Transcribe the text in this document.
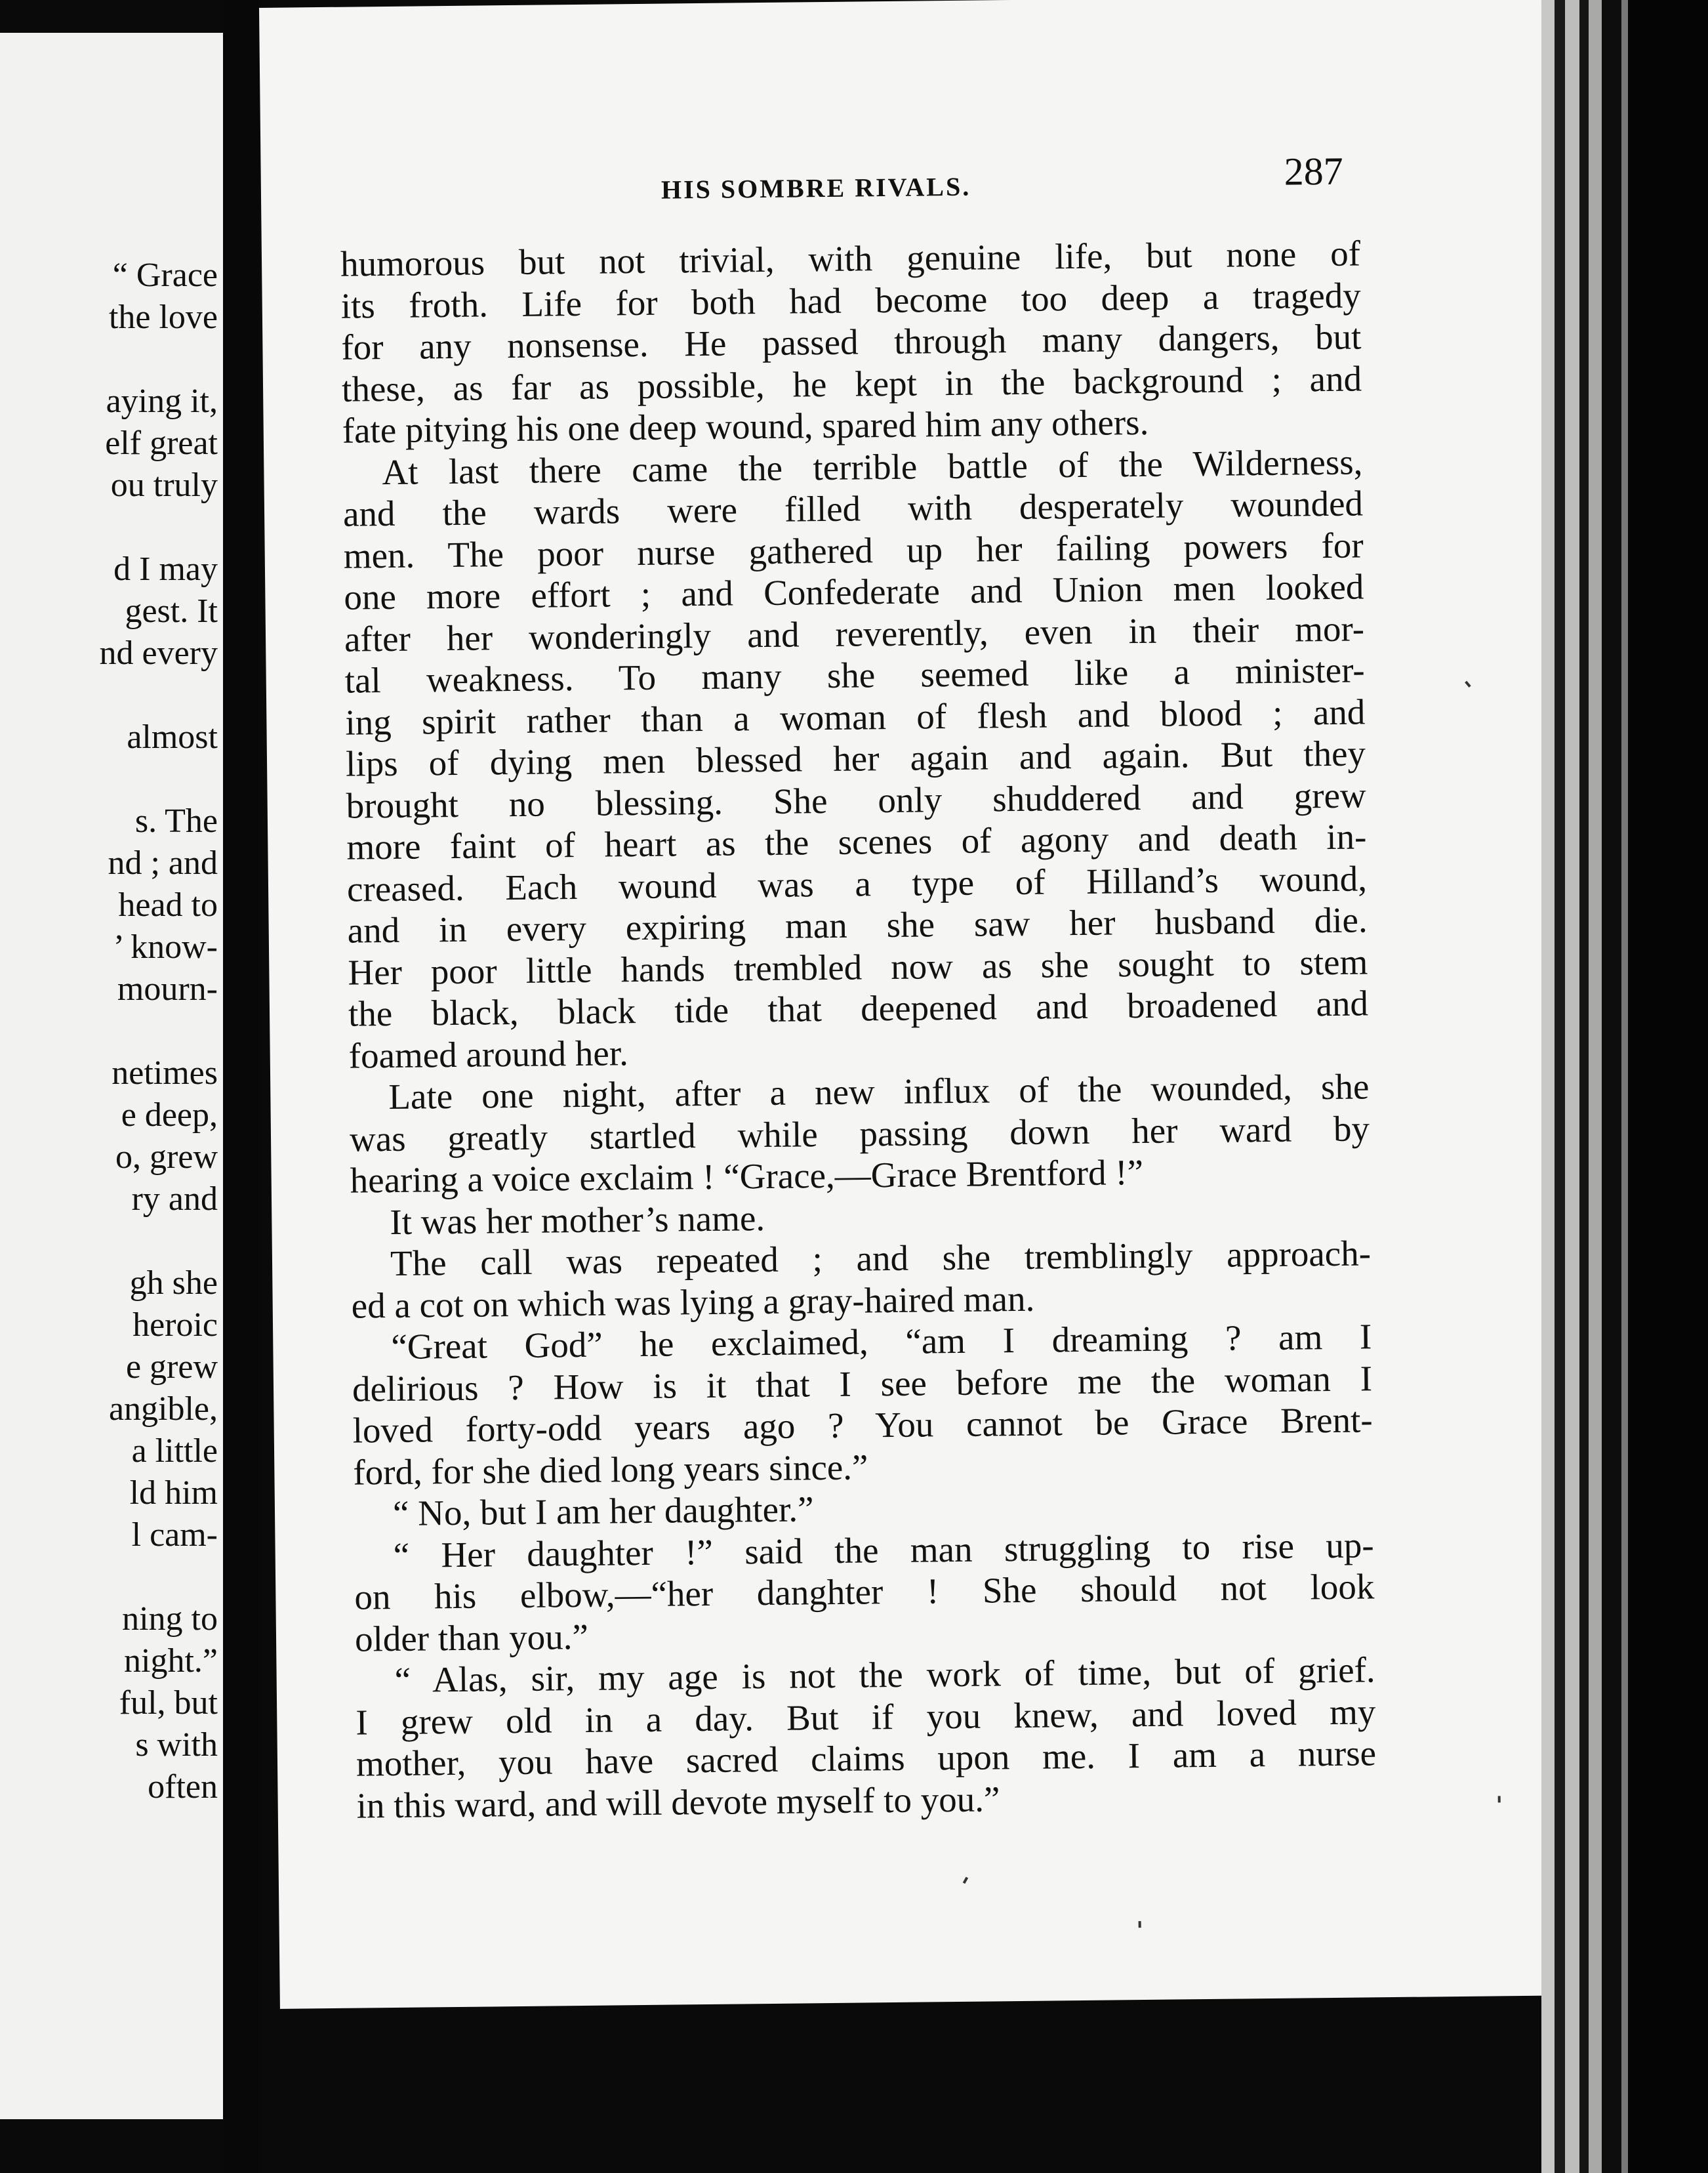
“ Grace
the love
aying it,
elf great
ou truly
d I may
gest. It
nd every
almost
s. The
nd ; and
head to
’ know-
mourn-
netimes
e deep,
o, grew
ry and
gh she
heroic
e grew
angible,
a little
ld him
l cam-
ning to
night.”
ful, but
s with
often
HIS SOMBRE RIVALS.	287
humorous but not trivial, with genuine life, but none of
its froth. Life for both had become too deep a tragedy
for any nonsense. He passed through many dangers, but
these, as far as possible, he kept in the background ; and
fate pitying his one deep wound, spared him any others.
At last there came the terrible battle of the Wilderness,
and the wards were filled with desperately wounded
men. The poor nurse gathered up her failing powers for
one more effort ; and Confederate and Union men looked
after her wonderingly and reverently, even in their mor-
tal weakness. To many she seemed like a minister-
ing spirit rather than a woman of flesh and blood ; and
lips of dying men blessed her again and again. But they
brought no blessing. She only shuddered and grew
more faint of heart as the scenes of agony and death in-
creased. Each wound was a type of Hilland’s wound,
and in every expiring man she saw her husband die.
Her poor little hands trembled now as she sought to stem
the black, black tide that deepened and broadened and
foamed around her.
Late one night, after a new influx of the wounded, she
was greatly startled while passing down her ward by
hearing a voice exclaim ! “Grace,—Grace Brentford !”
It was her mother’s name.
The call was repeated ; and she tremblingly approach-
ed a cot on which was lying a gray-haired man.
“Great God” he exclaimed, “am I dreaming ? am I
delirious ? How is it that I see before me the woman I
loved forty-odd years ago ? You cannot be Grace Brent-
ford, for she died long years since.”
“ No, but I am her daughter.”
“ Her daughter !” said the man struggling to rise up-
on his elbow,—“her danghter ! She should not look
older than you.”
“ Alas, sir, my age is not the work of time, but of grief.
I grew old in a day. But if you knew, and loved my
mother, you have sacred claims upon me. I am a nurse
in this ward, and will devote myself to you.”
